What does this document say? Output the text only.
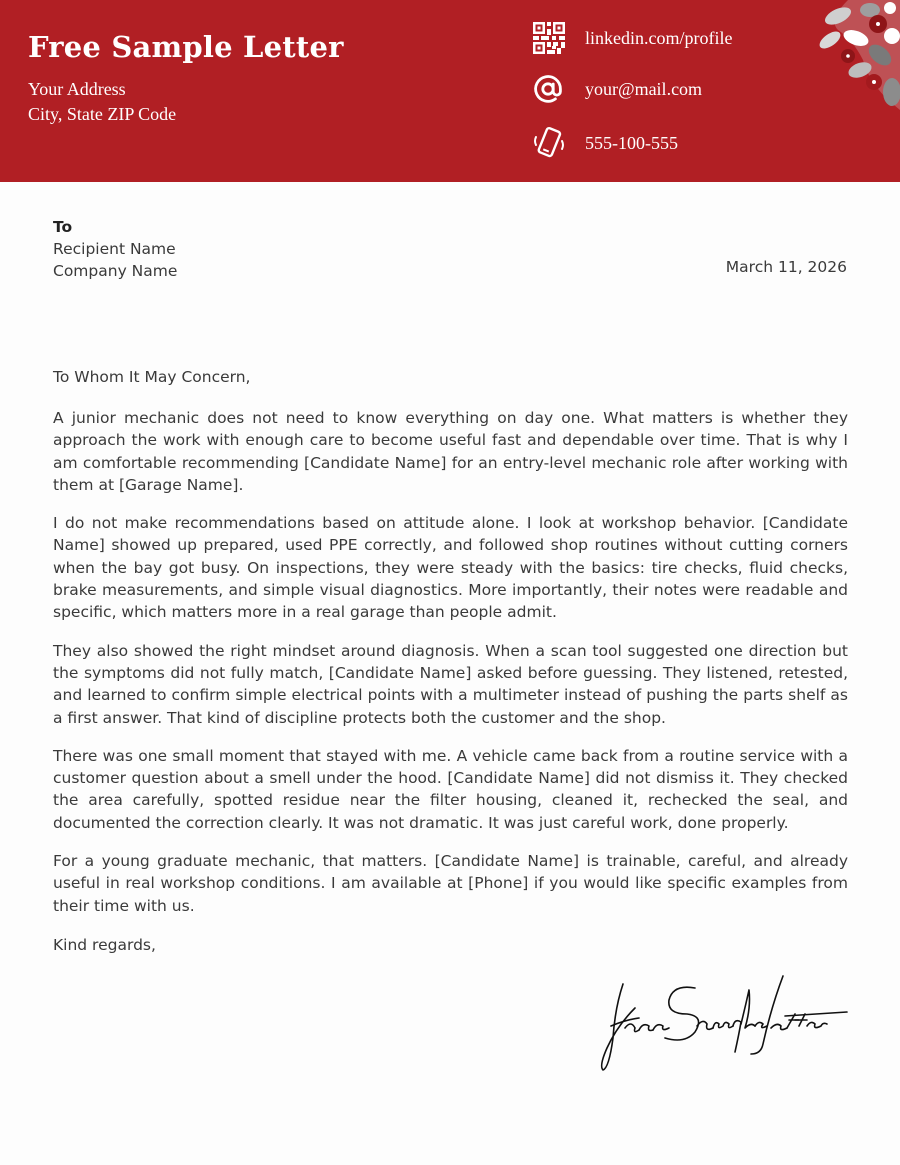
Free Sample Letter
Your Address
City, State ZIP Code
linkedin.com/profile
your@mail.com
555-100-555
To
Recipient Name
Company Name	March 11, 2026
To Whom It May Concern,

A junior mechanic does not need to know everything on day one. What matters is whether they approach the work with enough care to become useful fast and dependable over time. That is why I am comfortable recommending [Candidate Name] for an entry-level mechanic role after working with them at [Garage Name].

I do not make recommendations based on attitude alone. I look at workshop behavior. [Candidate Name] showed up prepared, used PPE correctly, and followed shop routines without cutting corners when the bay got busy. On inspections, they were steady with the basics: tire checks, fluid checks, brake measurements, and simple visual diagnostics. More importantly, their notes were readable and specific, which matters more in a real garage than people admit.

They also showed the right mindset around diagnosis. When a scan tool suggested one direction but the symptoms did not fully match, [Candidate Name] asked before guessing. They listened, retested, and learned to confirm simple electrical points with a multimeter instead of pushing the parts shelf as a first answer. That kind of discipline protects both the customer and the shop.

There was one small moment that stayed with me. A vehicle came back from a routine service with a customer question about a smell under the hood. [Candidate Name] did not dismiss it. They checked the area carefully, spotted residue near the filter housing, cleaned it, rechecked the seal, and documented the correction clearly. It was not dramatic. It was just careful work, done properly.

For a young graduate mechanic, that matters. [Candidate Name] is trainable, careful, and already useful in real workshop conditions. I am available at [Phone] if you would like specific examples from their time with us.

Kind regards,
